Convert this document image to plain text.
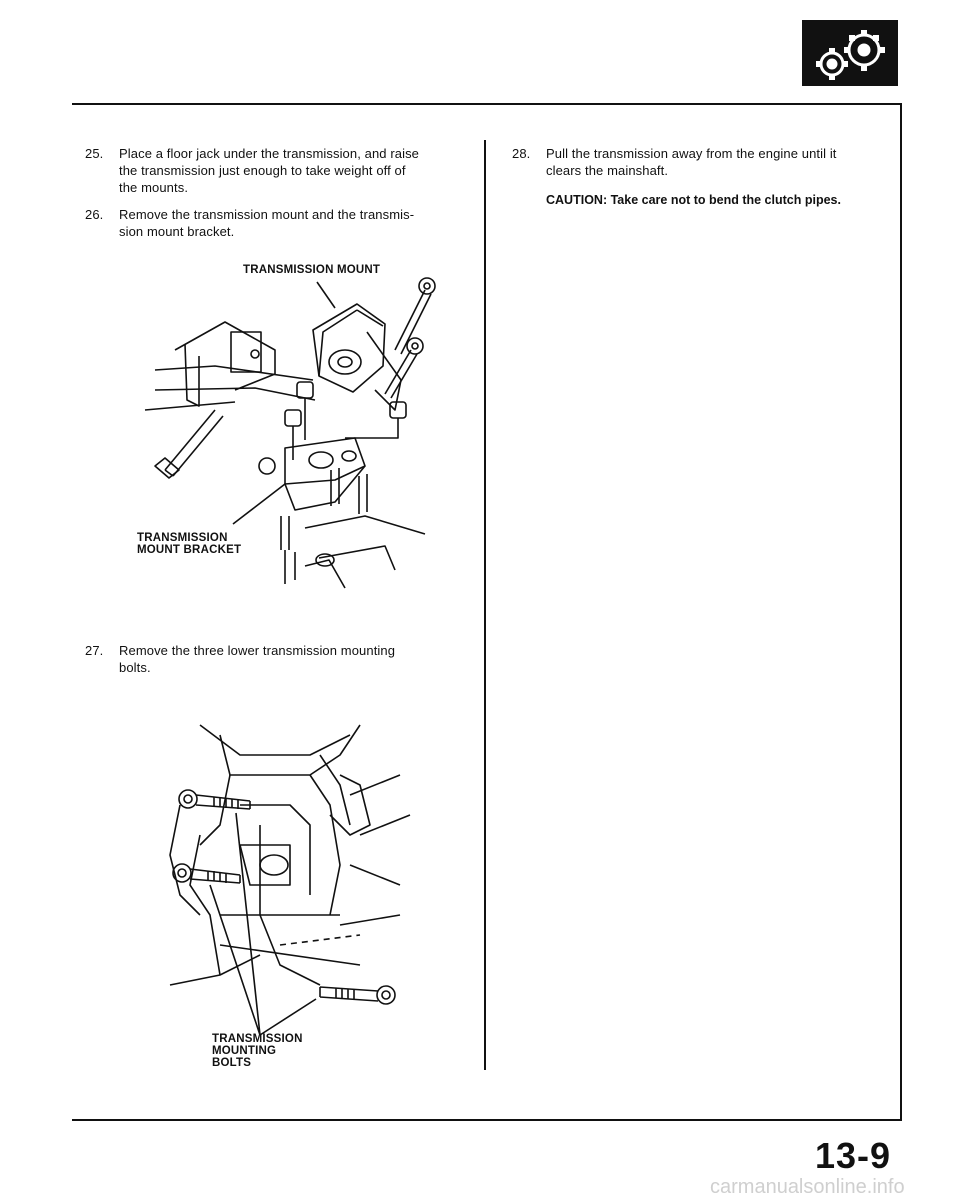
25.	Place a floor jack under the transmission, and raise
the transmission just enough to take weight off of
the mounts.
26.	Remove the transmission mount and the transmis-
sion mount bracket.
TRANSMISSION MOUNT
TRANSMISSION
MOUNT BRACKET
27.	Remove the three lower transmission mounting
bolts.
TRANSMISSION
MOUNTING
BOLTS
28.	Pull the transmission away from the engine until it
clears the mainshaft.
CAUTION: Take care not to bend the clutch pipes.
13-9
carmanualsonline.info
